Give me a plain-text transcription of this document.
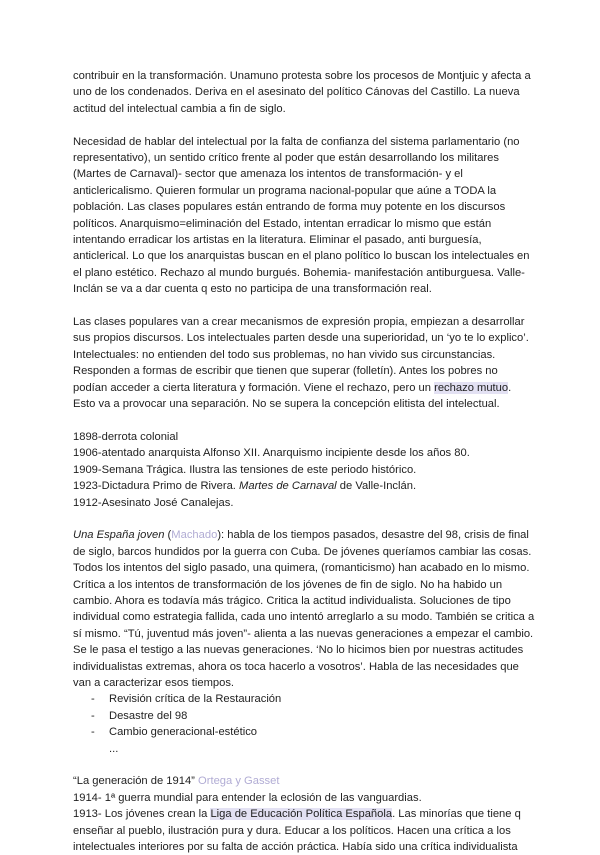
contribuir en la transformación. Unamuno protesta sobre los procesos de Montjuic y afecta a uno de los condenados. Deriva en el asesinato del político Cánovas del Castillo. La nueva actitud del intelectual cambia a fin de siglo.

Necesidad de hablar del intelectual por la falta de confianza del sistema parlamentario (no representativo), un sentido crítico frente al poder que están desarrollando los militares (Martes de Carnaval)- sector que amenaza los intentos de transformación- y el anticlericalismo. Quieren formular un programa nacional-popular que aúne a TODA la población. Las clases populares están entrando de forma muy potente en los discursos políticos. Anarquismo=eliminación del Estado, intentan erradicar lo mismo que están intentando erradicar los artistas en la literatura. Eliminar el pasado, anti burguesía, anticlerical. Lo que los anarquistas buscan en el plano político lo buscan los intelectuales en el plano estético. Rechazo al mundo burgués. Bohemia- manifestación antiburguesa. Valle-Inclán se va a dar cuenta q esto no participa de una transformación real.

Las clases populares van a crear mecanismos de expresión propia, empiezan a desarrollar sus propios discursos. Los intelectuales parten desde una superioridad, un ‘yo te lo explico’. Intelectuales: no entienden del todo sus problemas, no han vivido sus circunstancias. Responden a formas de escribir que tienen que superar (folletín). Antes los pobres no podían acceder a cierta literatura y formación. Viene el rechazo, pero un rechazo mutuo. Esto va a provocar una separación. No se supera la concepción elitista del intelectual.

1898-derrota colonial
1906-atentado anarquista Alfonso XII. Anarquismo incipiente desde los años 80.
1909-Semana Trágica. Ilustra las tensiones de este periodo histórico.
1923-Dictadura Primo de Rivera. Martes de Carnaval de Valle-Inclán.
1912-Asesinato José Canalejas.

Una España joven (Machado): habla de los tiempos pasados, desastre del 98, crisis de final de siglo, barcos hundidos por la guerra con Cuba. De jóvenes queríamos cambiar las cosas. Todos los intentos del siglo pasado, una quimera, (romanticismo) han acabado en lo mismo. Crítica a los intentos de transformación de los jóvenes de fin de siglo. No ha habido un cambio. Ahora es todavía más trágico. Critica la actitud individualista. Soluciones de tipo individual como estrategia fallida, cada uno intentó arreglarlo a su modo. También se critica a sí mismo. “Tú, juventud más joven”- alienta a las nuevas generaciones a empezar el cambio. Se le pasa el testigo a las nuevas generaciones. ‘No lo hicimos bien por nuestras actitudes individualistas extremas, ahora os toca hacerlo a vosotros’. Habla de las necesidades que van a caracterizar esos tiempos.
- Revisión crítica de la Restauración
- Desastre del 98
- Cambio generacional-estético
...
“La generación de 1914” Ortega y Gasset
1914- 1ª guerra mundial para entender la eclosión de las vanguardias.
1913- Los jóvenes crean la Liga de Educación Política Española. Las minorías que tiene q enseñar al pueblo, ilustración pura y dura. Educar a los políticos. Hacen una crítica a los intelectuales interiores por su falta de acción práctica. Había sido una crítica individualista
